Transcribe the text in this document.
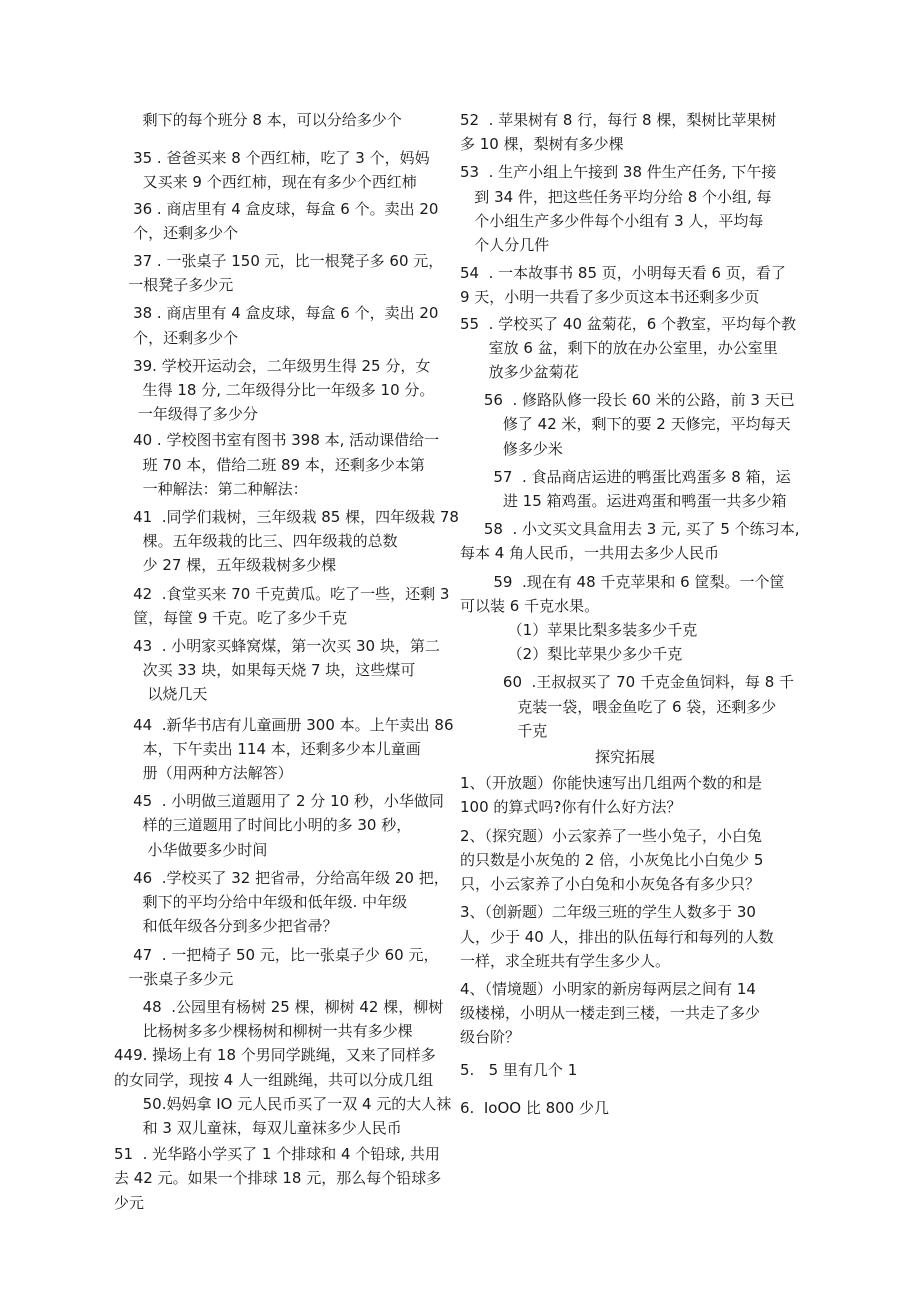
剩下的每个班分 8 本，可以分给多少个
35 . 爸爸买来 8 个西红柿，吃了 3 个，妈妈
又买来 9 个西红柿，现在有多少个西红柿
36 . 商店里有 4 盒皮球，每盒 6 个。卖出 20
个，还剩多少个
37 . 一张桌子 150 元，比一根凳子多 60 元，
一根凳子多少元
38 . 商店里有 4 盒皮球，每盒 6 个，卖出 20
个，还剩多少个
39. 学校开运动会，二年级男生得 25 分，女
生得 18 分, 二年级得分比一年级多 10 分。
一年级得了多少分
40 . 学校图书室有图书 398 本, 活动课借给一
班 70 本，借给二班 89 本，还剩多少本第
一种解法：第二种解法：
41  .同学们栽树，三年级栽 85 棵，四年级栽 78
棵。五年级栽的比三、四年级栽的总数
少 27 棵，五年级栽树多少棵
42  .食堂买来 70 千克黄瓜。吃了一些，还剩 3
筐，每筐 9 千克。吃了多少千克
43  . 小明家买蜂窝煤，第一次买 30 块，第二
次买 33 块，如果每天烧 7 块，这些煤可
以烧几天
44  .新华书店有儿童画册 300 本。上午卖出 86
本，下午卖出 114 本，还剩多少本儿童画
册（用两种方法解答）
45  . 小明做三道题用了 2 分 10 秒，小华做同
样的三道题用了时间比小明的多 30 秒，
小华做要多少时间
46  .学校买了 32 把省帚，分给高年级 20 把，
剩下的平均分给中年级和低年级. 中年级
和低年级各分到多少把省帚？
47  . 一把椅子 50 元，比一张桌子少 60 元，
一张桌子多少元
48  .公园里有杨树 25 棵，柳树 42 棵，柳树
比杨树多多少棵杨树和柳树一共有多少棵
449. 操场上有 18 个男同学跳绳，又来了同样多
的女同学，现按 4 人一组跳绳，共可以分成几组
50.妈妈拿 IO 元人民币买了一双 4 元的大人袜
和 3 双儿童袜，每双儿童袜多少人民币
51  . 光华路小学买了 1 个排球和 4 个铅球, 共用
去 42 元。如果一个排球 18 元，那么每个铅球多
少元
52  . 苹果树有 8 行，每行 8 棵，梨树比苹果树
多 10 棵，梨树有多少棵
53  . 生产小组上午接到 38 件生产任务, 下午接
到 34 件，把这些任务平均分给 8 个小组, 每
个小组生产多少件每个小组有 3 人，平均每
个人分几件
54  . 一本故事书 85 页，小明每天看 6 页，看了
9 天，小明一共看了多少页这本书还剩多少页
55  . 学校买了 40 盆菊花，6 个教室，平均每个教
室放 6 盆，剩下的放在办公室里，办公室里
放多少盆菊花
56  . 修路队修一段长 60 米的公路，前 3 天已
修了 42 米，剩下的要 2 天修完，平均每天
修多少米
57  . 食品商店运进的鸭蛋比鸡蛋多 8 箱，运
进 15 箱鸡蛋。运进鸡蛋和鸭蛋一共多少箱
58  . 小文买文具盒用去 3 元, 买了 5 个练习本,
每本 4 角人民币，一共用去多少人民币
59  .现在有 48 千克苹果和 6 筐梨。一个筐
可以装 6 千克水果。
（1）苹果比梨多装多少千克
（2）梨比苹果少多少千克
60  .王叔叔买了 70 千克金鱼饲料，每 8 千
克装一袋，喂金鱼吃了 6 袋，还剩多少
千克
探究拓展
1、（开放题）你能快速写出几组两个数的和是
100 的算式吗?你有什么好方法？
2、（探究题）小云家养了一些小兔子，小白兔
的只数是小灰兔的 2 倍，小灰兔比小白兔少 5
只，小云家养了小白兔和小灰兔各有多少只？
3、（创新题）二年级三班的学生人数多于 30
人，少于 40 人，排出的队伍每行和每列的人数
一样，求全班共有学生多少人。
4、（情境题）小明家的新房每两层之间有 14
级楼梯，小明从一楼走到三楼，一共走了多少
级台阶？
5.   5 里有几个 1
6.  IoOO 比 800 少几
